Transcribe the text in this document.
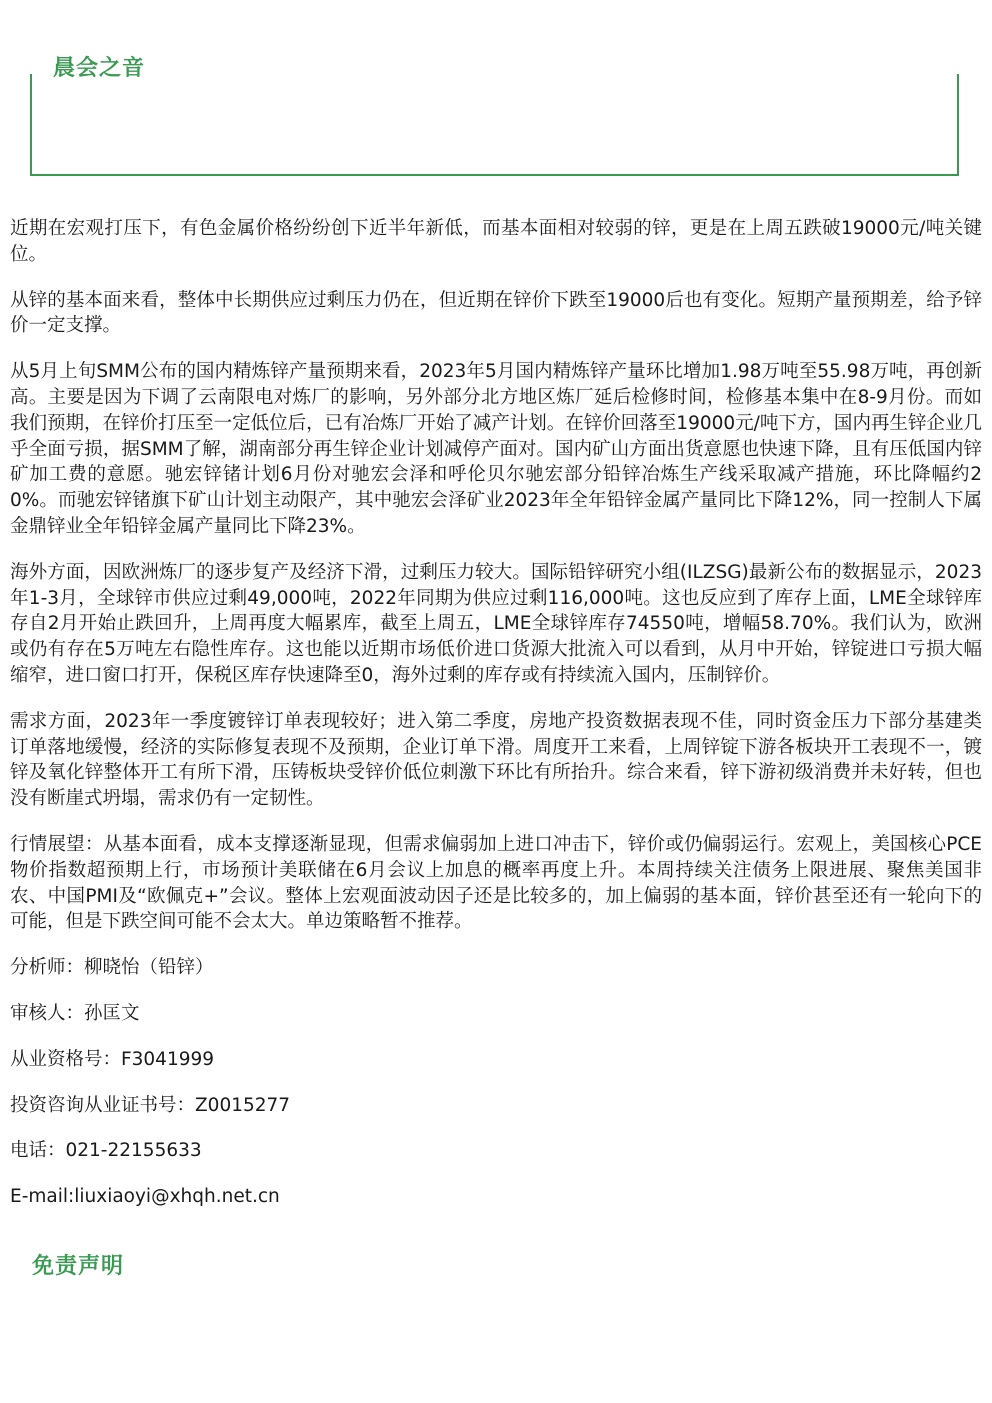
晨会之音

近期在宏观打压下，有色金属价格纷纷创下近半年新低，而基本面相对较弱的锌，更是在上周五跌破19000元/吨关键位。

从锌的基本面来看，整体中长期供应过剩压力仍在，但近期在锌价下跌至19000后也有变化。短期产量预期差，给予锌价一定支撑。

从5月上旬SMM公布的国内精炼锌产量预期来看，2023年5月国内精炼锌产量环比增加1.98万吨至55.98万吨，再创新高。主要是因为下调了云南限电对炼厂的影响，另外部分北方地区炼厂延后检修时间，检修基本集中在8-9月份。而如我们预期，在锌价打压至一定低位后，已有冶炼厂开始了减产计划。在锌价回落至19000元/吨下方，国内再生锌企业几乎全面亏损，据SMM了解，湖南部分再生锌企业计划减停产面对。国内矿山方面出货意愿也快速下降，且有压低国内锌矿加工费的意愿。驰宏锌锗计划6月份对驰宏会泽和呼伦贝尔驰宏部分铅锌冶炼生产线采取减产措施，环比降幅约20%。而驰宏锌锗旗下矿山计划主动限产，其中驰宏会泽矿业2023年全年铅锌金属产量同比下降12%，同一控制人下属金鼎锌业全年铅锌金属产量同比下降23%。

海外方面，因欧洲炼厂的逐步复产及经济下滑，过剩压力较大。国际铅锌研究小组(ILZSG)最新公布的数据显示，2023年1-3月，全球锌市供应过剩49,000吨，2022年同期为供应过剩116,000吨。这也反应到了库存上面，LME全球锌库存自2月开始止跌回升，上周再度大幅累库，截至上周五，LME全球锌库存74550吨，增幅58.70%。我们认为，欧洲或仍有存在5万吨左右隐性库存。这也能以近期市场低价进口货源大批流入可以看到，从月中开始，锌锭进口亏损大幅缩窄，进口窗口打开，保税区库存快速降至0，海外过剩的库存或有持续流入国内，压制锌价。

需求方面，2023年一季度镀锌订单表现较好；进入第二季度，房地产投资数据表现不佳，同时资金压力下部分基建类订单落地缓慢，经济的实际修复表现不及预期，企业订单下滑。周度开工来看，上周锌锭下游各板块开工表现不一，镀锌及氧化锌整体开工有所下滑，压铸板块受锌价低位刺激下环比有所抬升。综合来看，锌下游初级消费并未好转，但也没有断崖式坍塌，需求仍有一定韧性。

行情展望：从基本面看，成本支撑逐渐显现，但需求偏弱加上进口冲击下，锌价或仍偏弱运行。宏观上，美国核心PCE物价指数超预期上行，市场预计美联储在6月会议上加息的概率再度上升。本周持续关注债务上限进展、聚焦美国非农、中国PMI及“欧佩克+”会议。整体上宏观面波动因子还是比较多的，加上偏弱的基本面，锌价甚至还有一轮向下的可能，但是下跌空间可能不会太大。单边策略暂不推荐。

分析师：柳晓怡（铅锌）

审核人：孙匡文

从业资格号：F3041999

投资咨询从业证书号：Z0015277

电话：021-22155633

E-mail:liuxiaoyi@xhqh.net.cn

免责声明
